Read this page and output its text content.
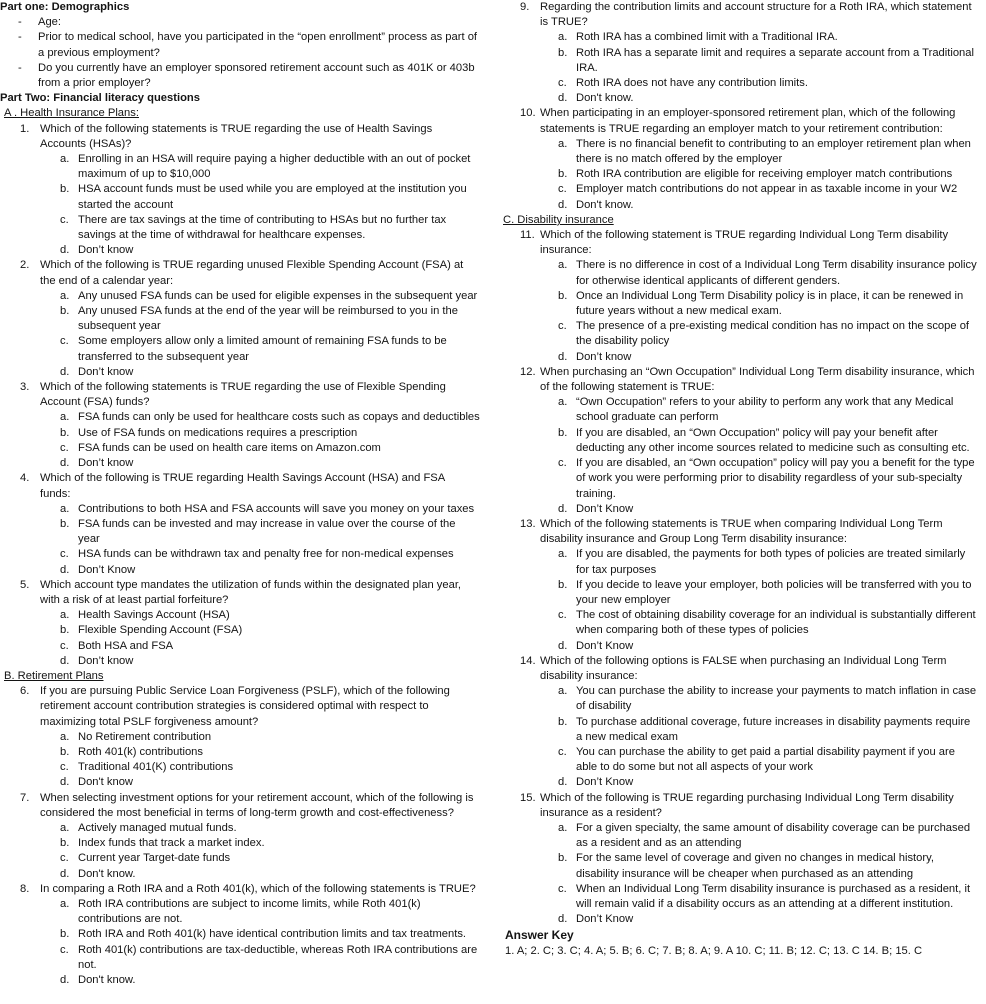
Part one: Demographics
- Age:
- Prior to medical school, have you participated in the “open enrollment” process as part of
a previous employment?
- Do you currently have an employer sponsored retirement account such as 401K or 403b
from a prior employer?
Part Two: Financial literacy questions
A . Health Insurance Plans:
1. Which of the following statements is TRUE regarding the use of Health Savings
Accounts (HSAs)?
a. Enrolling in an HSA will require paying a higher deductible with an out of pocket
maximum of up to $10,000
b. HSA account funds must be used while you are employed at the institution you
started the account
c. There are tax savings at the time of contributing to HSAs but no further tax
savings at the time of withdrawal for healthcare expenses.
d. Don’t know
2. Which of the following is TRUE regarding unused Flexible Spending Account (FSA) at
the end of a calendar year:
a. Any unused FSA funds can be used for eligible expenses in the subsequent year
b. Any unused FSA funds at the end of the year will be reimbursed to you in the
subsequent year
c. Some employers allow only a limited amount of remaining FSA funds to be
transferred to the subsequent year
d. Don’t know
3. Which of the following statements is TRUE regarding the use of Flexible Spending
Account (FSA) funds?
a. FSA funds can only be used for healthcare costs such as copays and deductibles
b. Use of FSA funds on medications requires a prescription
c. FSA funds can be used on health care items on Amazon.com
d. Don’t know
4. Which of the following is TRUE regarding Health Savings Account (HSA) and FSA
funds:
a. Contributions to both HSA and FSA accounts will save you money on your taxes
b. FSA funds can be invested and may increase in value over the course of the
year
c. HSA funds can be withdrawn tax and penalty free for non-medical expenses
d. Don’t Know
5. Which account type mandates the utilization of funds within the designated plan year,
with a risk of at least partial forfeiture?
a. Health Savings Account (HSA)
b. Flexible Spending Account (FSA)
c. Both HSA and FSA
d. Don’t know
B. Retirement Plans
6. If you are pursuing Public Service Loan Forgiveness (PSLF), which of the following
retirement account contribution strategies is considered optimal with respect to
maximizing total PSLF forgiveness amount?
a. No Retirement contribution
b. Roth 401(k) contributions
c. Traditional 401(K) contributions
d. Don't know
7. When selecting investment options for your retirement account, which of the following is
considered the most beneficial in terms of long-term growth and cost-effectiveness?
a. Actively managed mutual funds.
b. Index funds that track a market index.
c. Current year Target-date funds
d. Don't know.
8. In comparing a Roth IRA and a Roth 401(k), which of the following statements is TRUE?
a. Roth IRA contributions are subject to income limits, while Roth 401(k)
contributions are not.
b. Roth IRA and Roth 401(k) have identical contribution limits and tax treatments.
c. Roth 401(k) contributions are tax-deductible, whereas Roth IRA contributions are
not.
d. Don't know.
9. Regarding the contribution limits and account structure for a Roth IRA, which statement
is TRUE?
a. Roth IRA has a combined limit with a Traditional IRA.
b. Roth IRA has a separate limit and requires a separate account from a Traditional
IRA.
c. Roth IRA does not have any contribution limits.
d. Don't know.
10. When participating in an employer-sponsored retirement plan, which of the following
statements is TRUE regarding an employer match to your retirement contribution:
a. There is no financial benefit to contributing to an employer retirement plan when
there is no match offered by the employer
b. Roth IRA contribution are eligible for receiving employer match contributions
c. Employer match contributions do not appear in as taxable income in your W2
d. Don't know.
C. Disability insurance
11. Which of the following statement is TRUE regarding Individual Long Term disability
insurance:
a. There is no difference in cost of a Individual Long Term disability insurance policy
for otherwise identical applicants of different genders.
b. Once an Individual Long Term Disability policy is in place, it can be renewed in
future years without a new medical exam.
c. The presence of a pre-existing medical condition has no impact on the scope of
the disability policy
d. Don’t know
12. When purchasing an “Own Occupation” Individual Long Term disability insurance, which
of the following statement is TRUE:
a. “Own Occupation” refers to your ability to perform any work that any Medical
school graduate can perform
b. If you are disabled, an “Own Occupation” policy will pay your benefit after
deducting any other income sources related to medicine such as consulting etc.
c. If you are disabled, an “Own occupation” policy will pay you a benefit for the type
of work you were performing prior to disability regardless of your sub-specialty
training.
d. Don’t Know
13. Which of the following statements is TRUE when comparing Individual Long Term
disability insurance and Group Long Term disability insurance:
a. If you are disabled, the payments for both types of policies are treated similarly
for tax purposes
b. If you decide to leave your employer, both policies will be transferred with you to
your new employer
c. The cost of obtaining disability coverage for an individual is substantially different
when comparing both of these types of policies
d. Don’t Know
14. Which of the following options is FALSE when purchasing an Individual Long Term
disability insurance:
a. You can purchase the ability to increase your payments to match inflation in case
of disability
b. To purchase additional coverage, future increases in disability payments require
a new medical exam
c. You can purchase the ability to get paid a partial disability payment if you are
able to do some but not all aspects of your work
d. Don’t Know
15. Which of the following is TRUE regarding purchasing Individual Long Term disability
insurance as a resident?
a. For a given specialty, the same amount of disability coverage can be purchased
as a resident and as an attending
b. For the same level of coverage and given no changes in medical history,
disability insurance will be cheaper when purchased as an attending
c. When an Individual Long Term disability insurance is purchased as a resident, it
will remain valid if a disability occurs as an attending at a different institution.
d. Don’t Know
Answer Key
1. A; 2. C; 3. C; 4. A; 5. B; 6. C; 7. B; 8. A; 9. A 10. C; 11. B; 12. C; 13. C 14. B; 15. C
